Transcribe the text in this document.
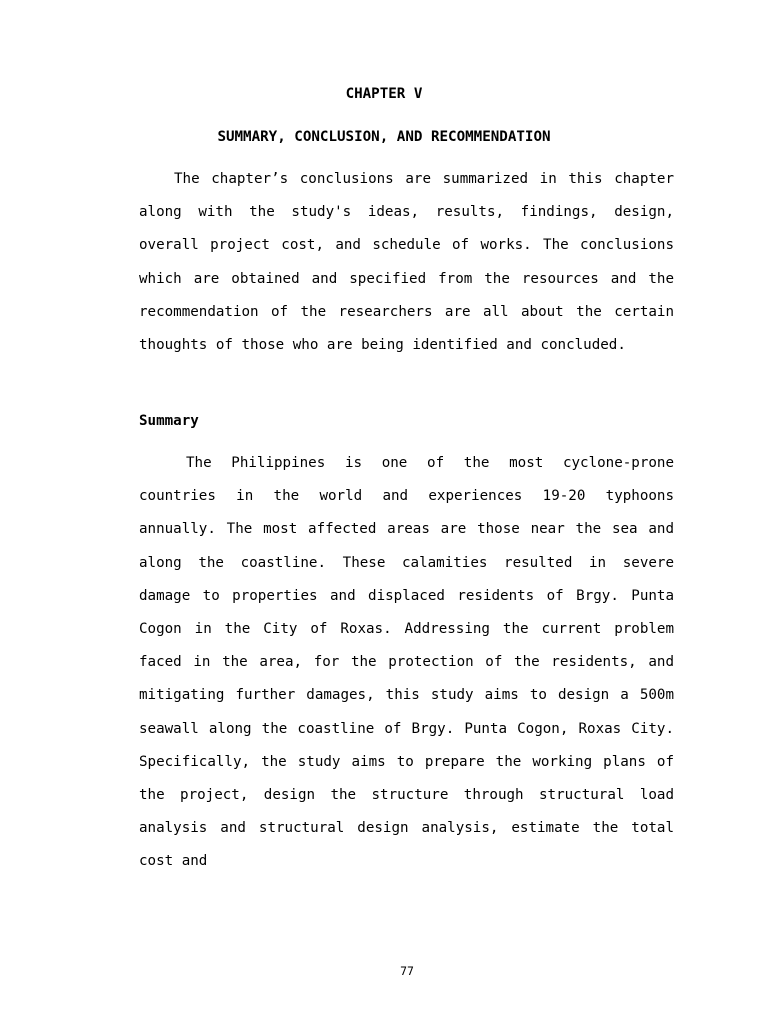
CHAPTER V
SUMMARY, CONCLUSION, AND RECOMMENDATION

The chapter’s conclusions are summarized in this chapter along with the study's ideas, results, findings, design, overall project cost, and schedule of works. The conclusions which are obtained and specified from the resources and the recommendation of the researchers are all about the certain thoughts of those who are being identified and concluded.

Summary

The Philippines is one of the most cyclone-prone countries in the world and experiences 19-20 typhoons annually. The most affected areas are those near the sea and along the coastline. These calamities resulted in severe damage to properties and displaced residents of Brgy. Punta Cogon in the City of Roxas. Addressing the current problem faced in the area, for the protection of the residents, and mitigating further damages, this study aims to design a 500m seawall along the coastline of Brgy. Punta Cogon, Roxas City. Specifically, the study aims to prepare the working plans of the project, design the structure through structural load analysis and structural design analysis, estimate the total cost and

77
